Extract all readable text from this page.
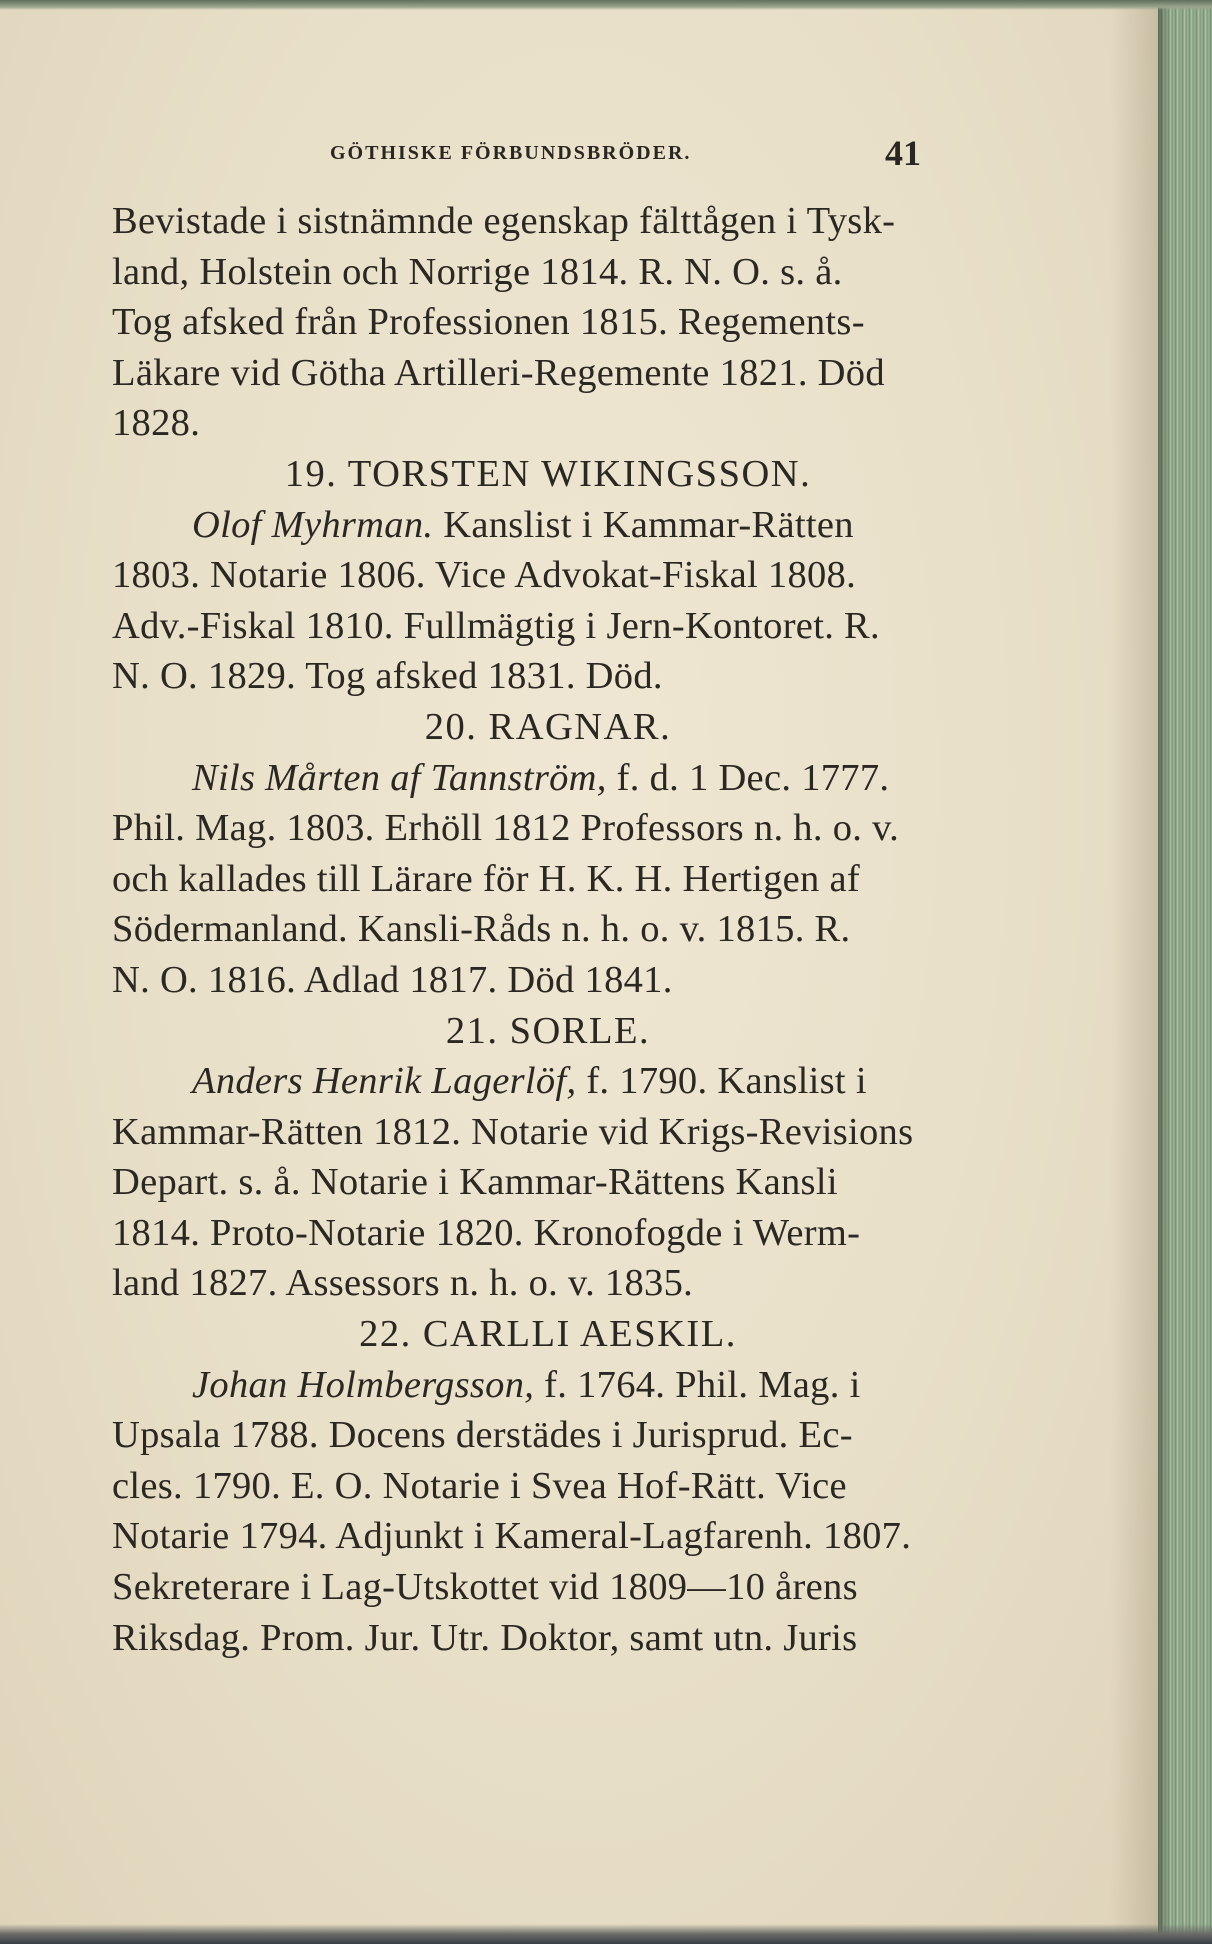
GÖTHISKE FÖRBUNDSBRÖDER.	41

Bevistade i sistnämnde egenskap fälttågen i Tysk-
land, Holstein och Norrige 1814. R. N. O. s. å.
Tog afsked från Professionen 1815. Regements-
Läkare vid Götha Artilleri-Regemente 1821. Död
1828.

19. TORSTEN WIKINGSSON.

Olof Myhrman. Kanslist i Kammar-Rätten
1803. Notarie 1806. Vice Advokat-Fiskal 1808.
Adv.-Fiskal 1810. Fullmägtig i Jern-Kontoret. R.
N. O. 1829. Tog afsked 1831. Död.

20. RAGNAR.

Nils Mårten af Tannström, f. d. 1 Dec. 1777.
Phil. Mag. 1803. Erhöll 1812 Professors n. h. o. v.
och kallades till Lärare för H. K. H. Hertigen af
Södermanland. Kansli-Råds n. h. o. v. 1815. R.
N. O. 1816. Adlad 1817. Död 1841.

21. SORLE.

Anders Henrik Lagerlöf, f. 1790. Kanslist i
Kammar-Rätten 1812. Notarie vid Krigs-Revisions
Depart. s. å. Notarie i Kammar-Rättens Kansli
1814. Proto-Notarie 1820. Kronofogde i Werm-
land 1827. Assessors n. h. o. v. 1835.

22. CARLLI AESKIL.

Johan Holmbergsson, f. 1764. Phil. Mag. i
Upsala 1788. Docens derstädes i Jurisprud. Ec-
cles. 1790. E. O. Notarie i Svea Hof-Rätt. Vice
Notarie 1794. Adjunkt i Kameral-Lagfarenh. 1807.
Sekreterare i Lag-Utskottet vid 1809—10 årens
Riksdag. Prom. Jur. Utr. Doktor, samt utn. Juris
